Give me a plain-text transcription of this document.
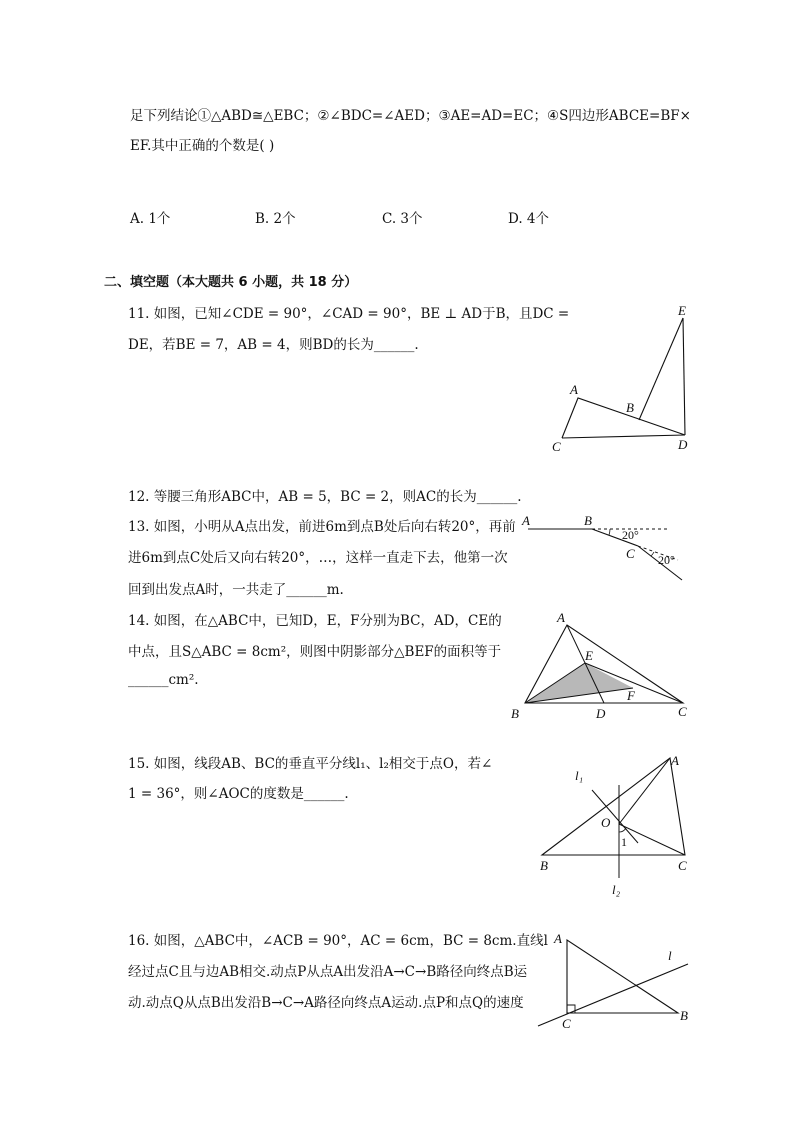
足下列结论①△ABD≅△EBC；②∠BDC=∠AED；③AE=AD=EC；④S四边形ABCE=BF×
EF.其中正确的个数是( )
A. 1个	B. 2个	C. 3个	D. 4个
二、填空题（本大题共 6 小题，共 18 分）
11. 如图，已知∠CDE = 90°，∠CAD = 90°，BE ⊥ AD于B，且DC =
DE，若BE = 7，AB = 4，则BD的长为______.
E
A
B
C	D
12. 等腰三角形ABC中，AB = 5，BC = 2，则AC的长为______.
13. 如图，小明从A点出发，前进6m到点B处后向右转20°，再前
进6m到点C处后又向右转20°，…，这样一直走下去，他第一次
回到出发点A时，一共走了______m.
A	B
C
20°
20°
14. 如图，在△ABC中，已知D，E，F分别为BC，AD，CE的
中点，且S△ABC = 8cm²，则图中阴影部分△BEF的面积等于
______cm².
A
B	C
D
E
F
15. 如图，线段AB、BC的垂直平分线l₁、l₂相交于点O，若∠
1 = 36°，则∠AOC的度数是______.
A
B	C
O
l₁
l₂
1
16. 如图，△ABC中，∠ACB = 90°，AC = 6cm，BC = 8cm.直线l
经过点C且与边AB相交.动点P从点A出发沿A→C→B路径向终点B运
动.动点Q从点B出发沿B→C→A路径向终点A运动.点P和点Q的速度
A
B
C
l
